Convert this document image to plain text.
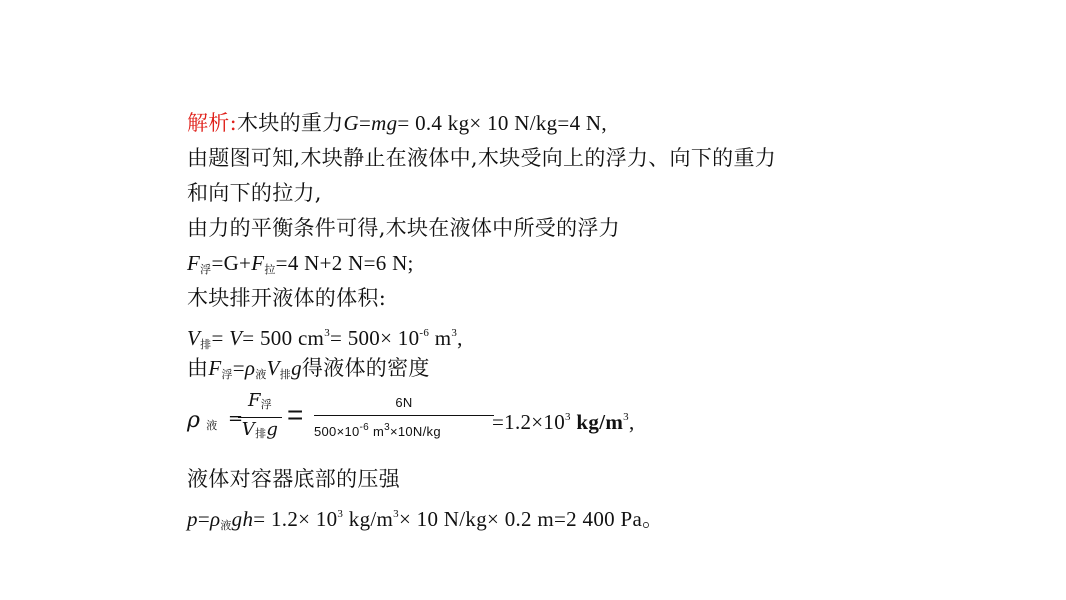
解析:木块的重力G=mg= 0.4 kg× 10 N/kg=4 N,
由题图可知,木块静止在液体中,木块受向上的浮力、向下的重力
和向下的拉力,
由力的平衡条件可得,木块在液体中所受的浮力
$F_浮=G+F_拉=4$ N+2 N=6 N;
木块排开液体的体积:
$V_排= V= 500$ $cm^3= 500\times 10^{-6}$ $m^3$,
由$F_浮=\rho_液V_排g$得液体的密度
ρ液 =
F浮
V排g =	6N
$500\times 10^{-6}$ $m^3\times 10N/kg$	$=1.2\times 10^3$ $kg/m^3$,
液体对容器底部的压强
$p=\rho_液gh= 1.2\times 10^3$ $kg/m^3\times 10$ N/kg× 0.2 m=2 400 Pa。
